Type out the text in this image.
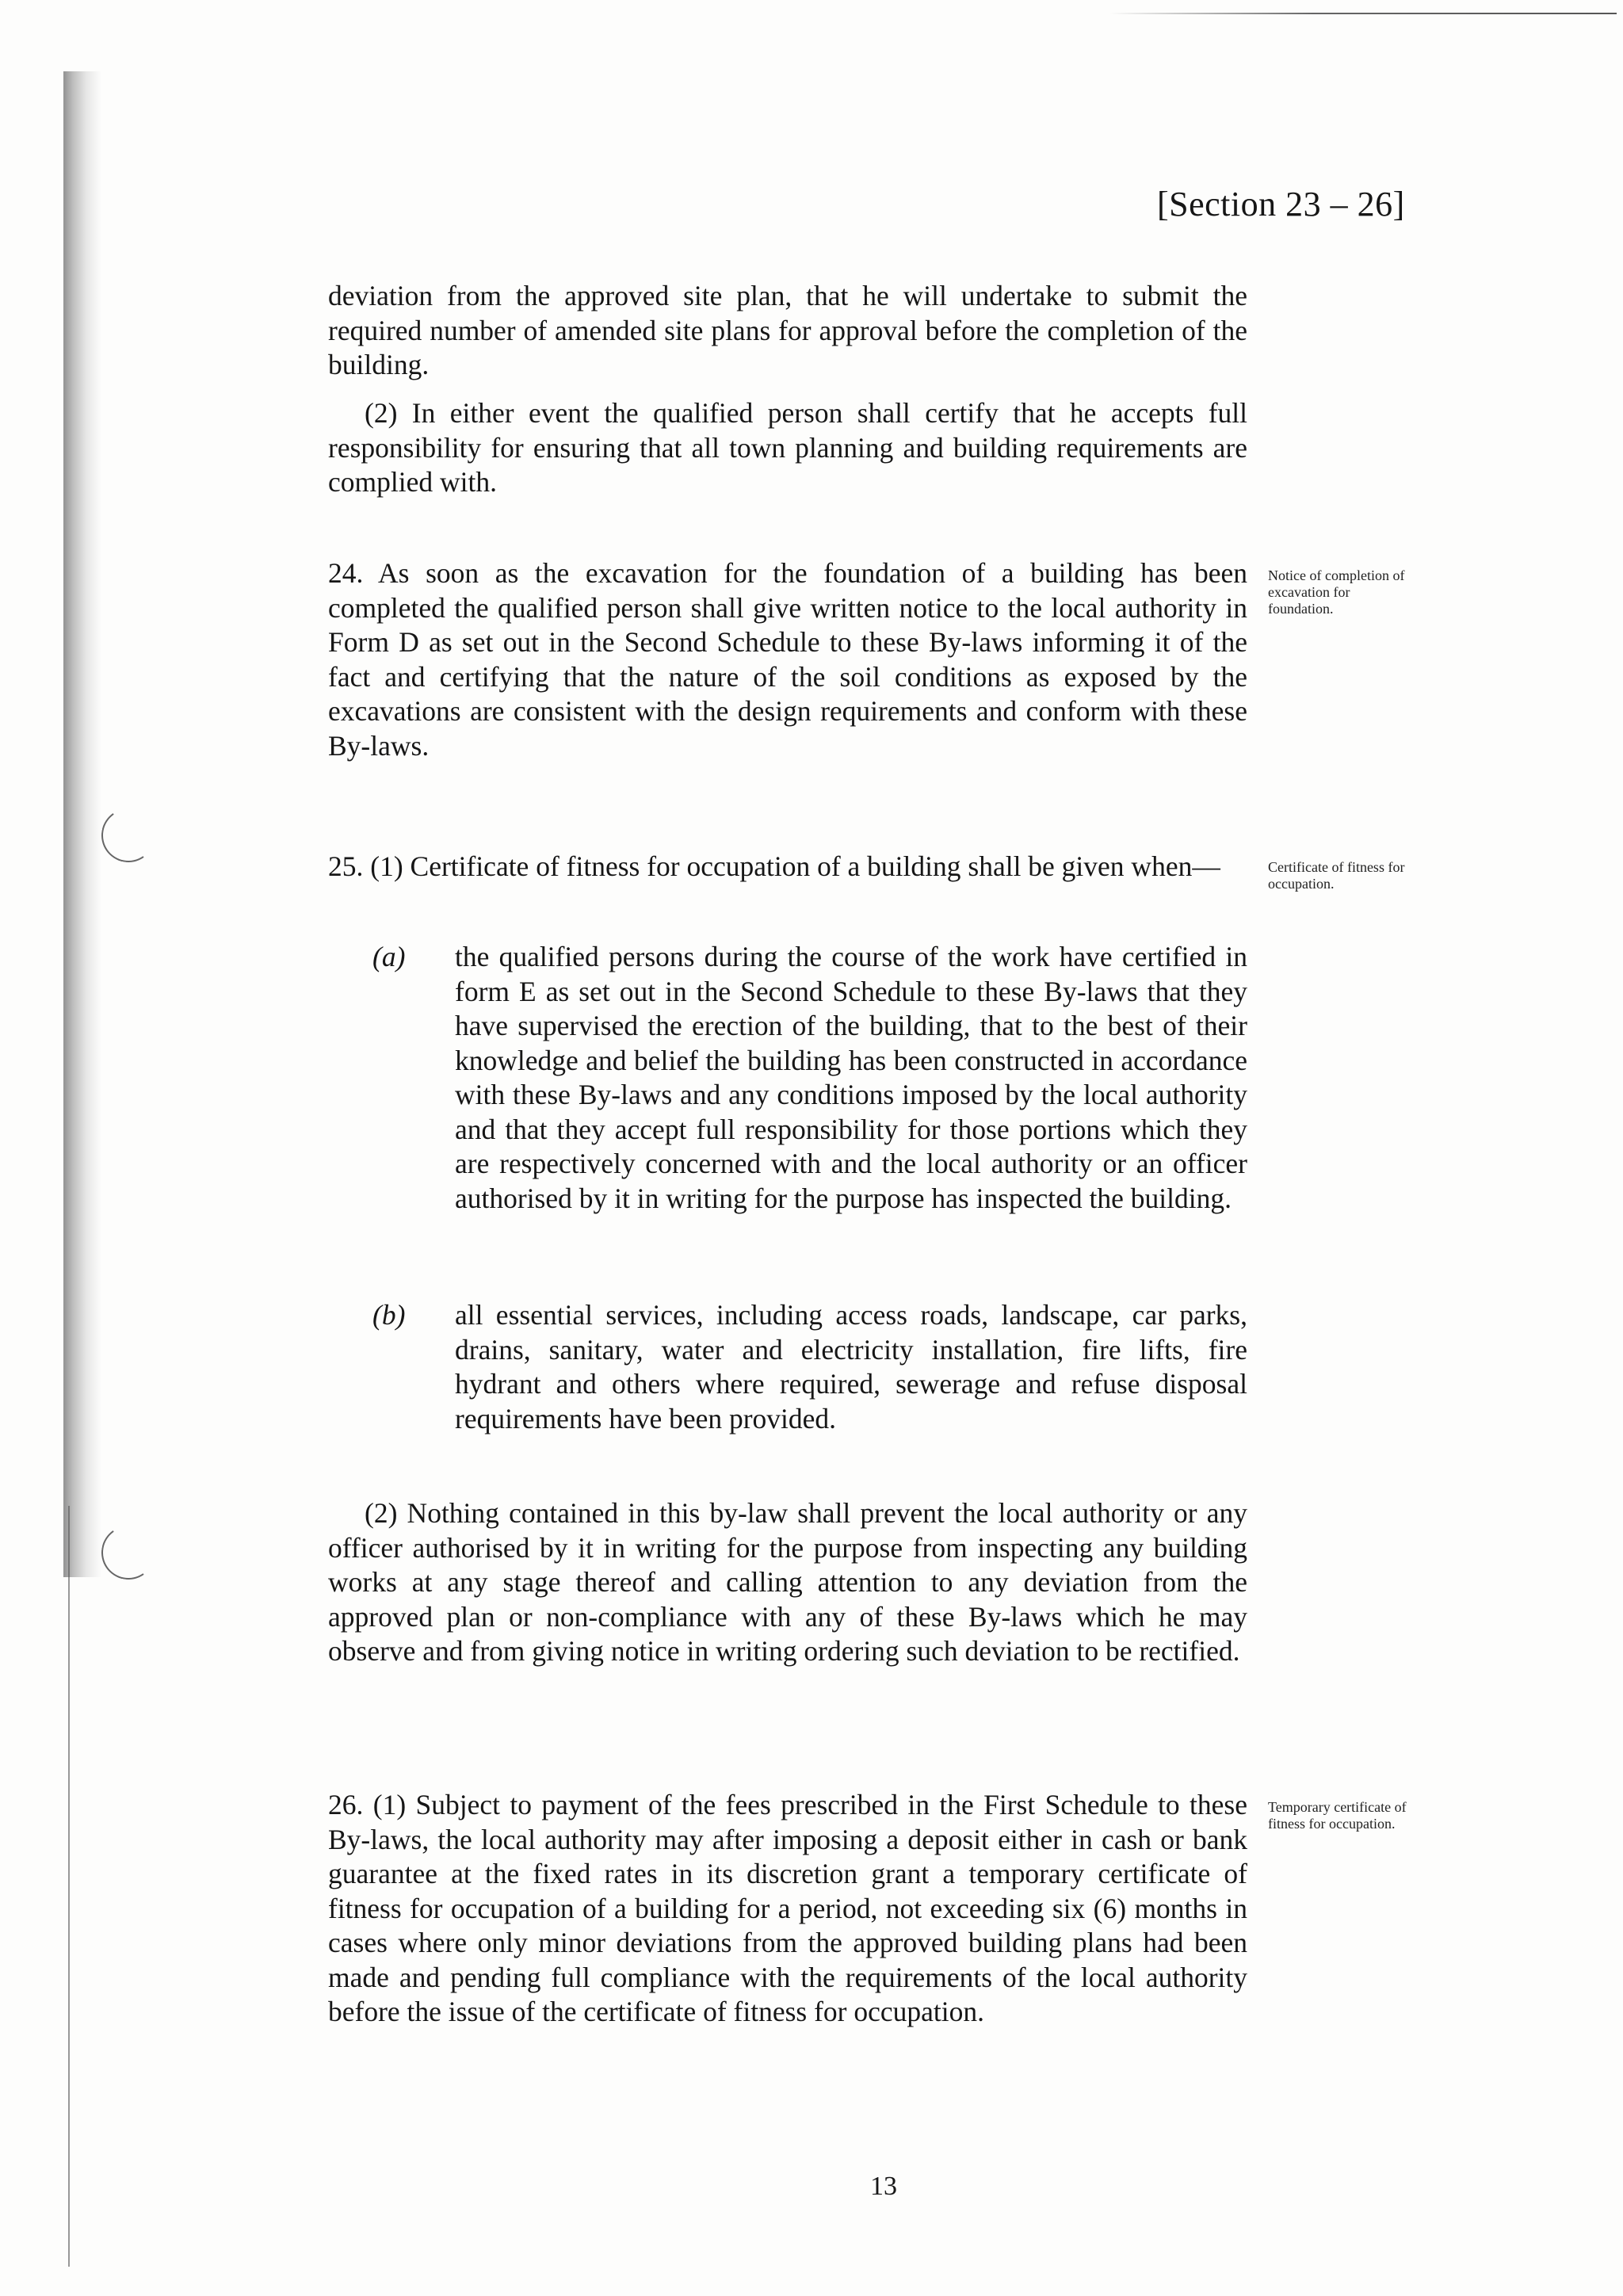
[Section 23 – 26]
deviation from the approved site plan, that he will undertake to submit the required number of amended site plans for approval before the completion of the building.
(2) In either event the qualified person shall certify that he accepts full responsibility for ensuring that all town planning and building requirements are complied with.
24. As soon as the excavation for the foundation of a building has been completed the qualified person shall give written notice to the local authority in Form D as set out in the Second Schedule to these By-laws informing it of the fact and certifying that the nature of the soil conditions as exposed by the excavations are consistent with the design requirements and conform with these By-laws.
Notice of completion of excavation for foundation.
25. (1) Certificate of fitness for occupation of a building shall be given when—	Certificate of fitness for occupation.
(a) the qualified persons during the course of the work have certified in form E as set out in the Second Schedule to these By-laws that they have supervised the erection of the building, that to the best of their knowledge and belief the building has been constructed in accordance with these By-laws and any conditions imposed by the local authority and that they accept full responsibility for those portions which they are respectively concerned with and the local authority or an officer authorised by it in writing for the purpose has inspected the building.
(b) all essential services, including access roads, landscape, car parks, drains, sanitary, water and electricity installation, fire lifts, fire hydrant and others where required, sewerage and refuse disposal requirements have been provided.
(2) Nothing contained in this by-law shall prevent the local authority or any officer authorised by it in writing for the purpose from inspecting any building works at any stage thereof and calling attention to any deviation from the approved plan or non-compliance with any of these By-laws which he may observe and from giving notice in writing ordering such deviation to be rectified.
26. (1) Subject to payment of the fees prescribed in the First Schedule to these By-laws, the local authority may after imposing a deposit either in cash or bank guarantee at the fixed rates in its discretion grant a temporary certificate of fitness for occupation of a building for a period, not exceeding six (6) months in cases where only minor deviations from the approved building plans had been made and pending full compliance with the requirements of the local authority before the issue of the certificate of fitness for occupation.
Temporary certificate of fitness for occupation.
13
